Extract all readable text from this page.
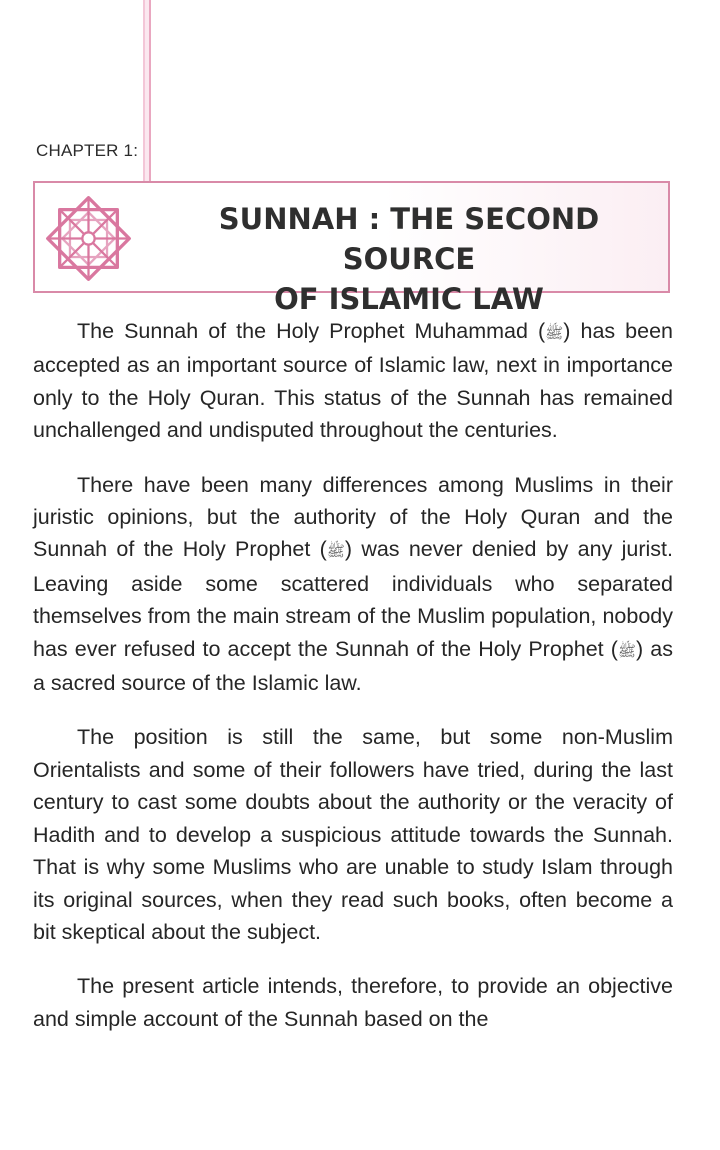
CHAPTER 1:
SUNNAH : THE SECOND SOURCE
OF ISLAMIC LAW

The Sunnah of the Holy Prophet Muhammad (ﷺ) has been accepted as an important source of Islamic law, next in importance only to the Holy Quran. This status of the Sunnah has remained unchallenged and undisputed throughout the centuries.

There have been many differences among Muslims in their juristic opinions, but the authority of the Holy Quran and the Sunnah of the Holy Prophet (ﷺ) was never denied by any jurist. Leaving aside some scattered individuals who separated themselves from the main stream of the Muslim population, nobody has ever refused to accept the Sunnah of the Holy Prophet (ﷺ) as a sacred source of the Islamic law.

The position is still the same, but some non-Muslim Orientalists and some of their followers have tried, during the last century to cast some doubts about the authority or the veracity of Hadith and to develop a suspicious attitude towards the Sunnah. That is why some Muslims who are unable to study Islam through its original sources, when they read such books, often become a bit skeptical about the subject.

The present article intends, therefore, to provide an objective and simple account of the Sunnah based on the
